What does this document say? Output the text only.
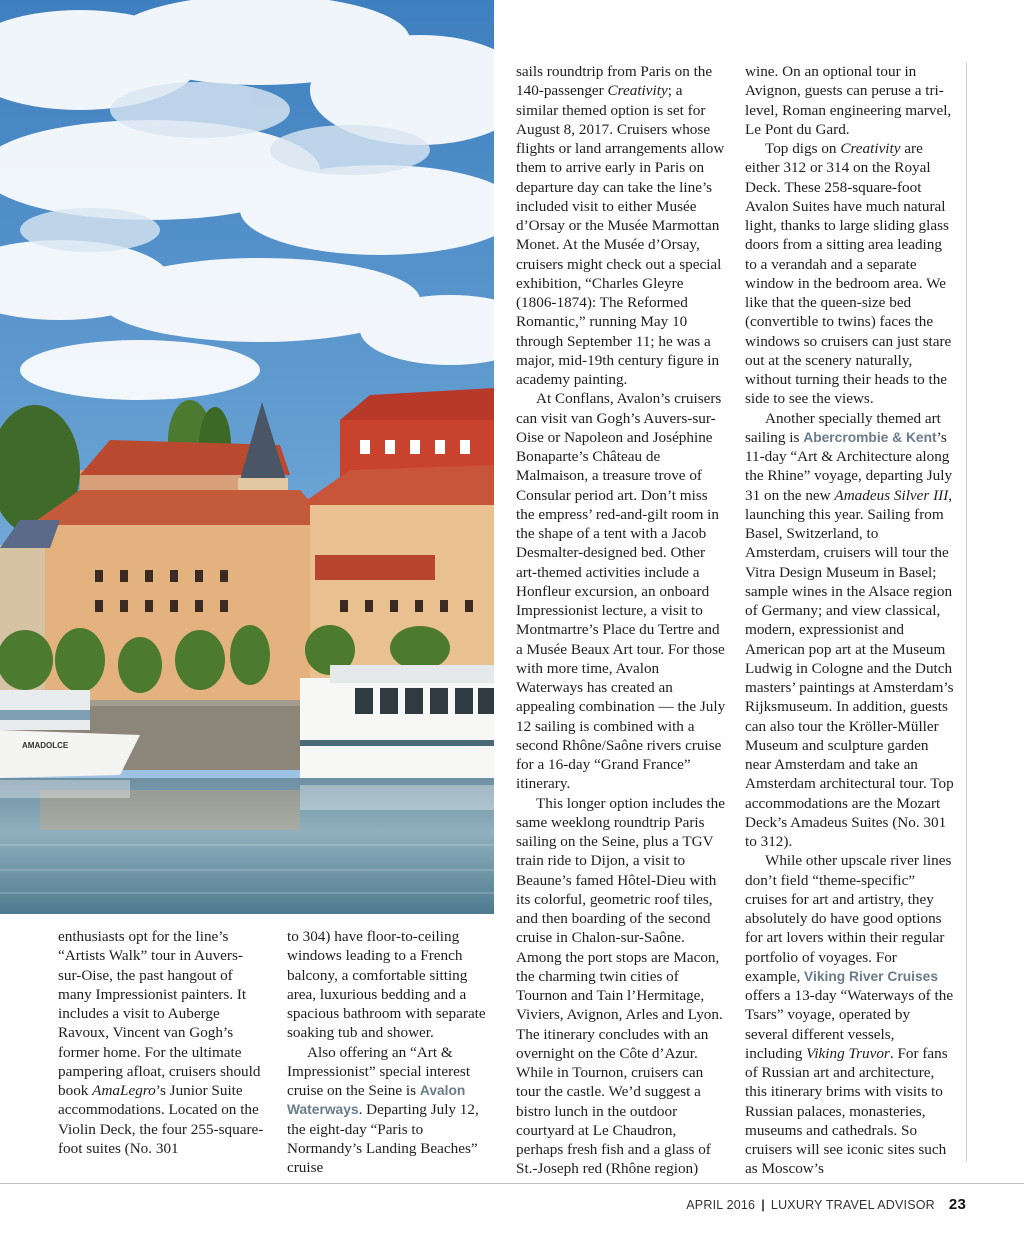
AMADOLCE

enthusiasts opt for the line’s “Artists Walk” tour in Auvers-sur-Oise, the past hangout of many Impressionist painters. It includes a visit to Auberge Ravoux, Vincent van Gogh’s former home. For the ultimate pampering afloat, cruisers should book AmaLegro’s Junior Suite accommodations. Located on the Violin Deck, the four 255-square-foot suites (No. 301

to 304) have floor-to-ceiling windows leading to a French balcony, a comfortable sitting area, luxurious bedding and a spacious bathroom with separate soaking tub and shower.

Also offering an “Art & Impressionist” special interest cruise on the Seine is Avalon Waterways. Departing July 12, the eight-day “Paris to Normandy’s Landing Beaches” cruise

sails roundtrip from Paris on the 140-passenger Creativity; a similar themed option is set for August 8, 2017. Cruisers whose flights or land arrangements allow them to arrive early in Paris on departure day can take the line’s included visit to either Musée d’Orsay or the Musée Marmottan Monet. At the Musée d’Orsay, cruisers might check out a special exhibition, “Charles Gleyre (1806-1874): The Reformed Romantic,” running May 10 through September 11; he was a major, mid-19th century figure in academy painting.

At Conflans, Avalon’s cruisers can visit van Gogh’s Auvers-sur-Oise or Napoleon and Joséphine Bonaparte’s Château de Malmaison, a treasure trove of Consular period art. Don’t miss the empress’ red-and-gilt room in the shape of a tent with a Jacob Desmalter-designed bed. Other art-themed activities include a Honfleur excursion, an onboard Impressionist lecture, a visit to Montmartre’s Place du Tertre and a Musée Beaux Art tour. For those with more time, Avalon Waterways has created an appealing combination — the July 12 sailing is combined with a second Rhône/Saône rivers cruise for a 16-day “Grand France” itinerary.

This longer option includes the same weeklong roundtrip Paris sailing on the Seine, plus a TGV train ride to Dijon, a visit to Beaune’s famed Hôtel-Dieu with its colorful, geometric roof tiles, and then boarding of the second cruise in Chalon-sur-Saône. Among the port stops are Macon, the charming twin cities of Tournon and Tain l’Hermitage, Viviers, Avignon, Arles and Lyon. The itinerary concludes with an overnight on the Côte d’Azur. While in Tournon, cruisers can tour the castle. We’d suggest a bistro lunch in the outdoor courtyard at Le Chaudron, perhaps fresh fish and a glass of St.-Joseph red (Rhône region)

wine. On an optional tour in Avignon, guests can peruse a tri-level, Roman engineering marvel, Le Pont du Gard.

Top digs on Creativity are either 312 or 314 on the Royal Deck. These 258-square-foot Avalon Suites have much natural light, thanks to large sliding glass doors from a sitting area leading to a verandah and a separate window in the bedroom area. We like that the queen-size bed (convertible to twins) faces the windows so cruisers can just stare out at the scenery naturally, without turning their heads to the side to see the views.

Another specially themed art sailing is Abercrombie & Kent’s 11-day “Art & Architecture along the Rhine” voyage, departing July 31 on the new Amadeus Silver III, launching this year. Sailing from Basel, Switzerland, to Amsterdam, cruisers will tour the Vitra Design Museum in Basel; sample wines in the Alsace region of Germany; and view classical, modern, expressionist and American pop art at the Museum Ludwig in Cologne and the Dutch masters’ paintings at Amsterdam’s Rijksmuseum. In addition, guests can also tour the Kröller-Müller Museum and sculpture garden near Amsterdam and take an Amsterdam architectural tour. Top accommodations are the Mozart Deck’s Amadeus Suites (No. 301 to 312).

While other upscale river lines don’t field “theme-specific” cruises for art and artistry, they absolutely do have good options for art lovers within their regular portfolio of voyages. For example, Viking River Cruises offers a 13-day “Waterways of the Tsars” voyage, operated by several different vessels, including Viking Truvor. For fans of Russian art and architecture, this itinerary brims with visits to Russian palaces, monasteries, museums and cathedrals. So cruisers will see iconic sites such as Moscow’s

APRIL 2016 | LUXURY TRAVEL ADVISOR 23
